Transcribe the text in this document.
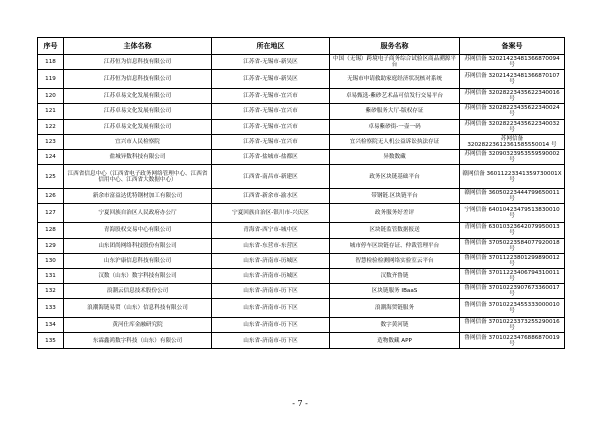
序号	主体名称	所在地区	服务名称	备案号
118	江苏恒为信息科技有限公司	江苏省-无锡市-新吴区	中国（无锡）跨境电子商务综合试验区商品溯源平台	苏网信备 32021423481366870094 号
119	江苏恒为信息科技有限公司	江苏省-无锡市-新吴区	无锡市申请救助家庭经济状况核对系统	苏网信备 32021423481366870107 号
120	江苏卓易文化发展有限公司	江苏省-无锡市-宜兴市	卓易甄选-紫砂艺术品可信发行交易平台	苏网信备 32028223435622340016 号
121	江苏卓易文化发展有限公司	江苏省-无锡市-宜兴市	紫砂服务大厅-版权存证	苏网信备 32028223435622340024 号
122	江苏卓易文化发展有限公司	江苏省-无锡市-宜兴市	卓易紫砂街-一壶一码	苏网信备 32028223435622340032 号
123	宜兴市人民检察院	江苏省-无锡市-宜兴市	宜兴检察院无人机公益诉讼执法存证	苏网信备 32028223612361585550014 号
124	盐城异数科技有限公司	江苏省-盐城市-盐都区	异数数藏	苏网信备 32090323953559590002 号
125	江西省信息中心（江西省电子政务网络管理中心、江西省信用中心、江西省大数据中心）	江西省-南昌市-新建区	政务区块链基础平台	赣网信备 36011223341359730001X 号
126	新余市富益达优特钢材加工有限公司	江西省-新余市-渝水区	带钢链.区块链平台	赣网信备 36050223444799650011 号
127	宁夏回族自治区人民政府办公厅	宁夏回族自治区-银川市-兴庆区	政务服务好差评	宁网信备 64010423479513830010 号
128	青海股权交易中心有限公司	青海省-西宁市-城中区	区块链监管数据报送	青网信备 63010323642079950013 号
129	山东团尚网络科技股份有限公司	山东省-东营市-东营区	城市停车区块链存证、仲裁管理平台	鲁网信备 37050223584077920018 号
130	山东沪康信息科技有限公司	山东省-济南市-历城区	智慧检验检测网络实验室云平台	鲁网信备 37011223801299890012 号
131	汉数（山东）数字科技有限公司	山东省-济南市-历城区	汉数齐鲁链	鲁网信备 37011223406794310011 号
132	浪潮云信息技术股份公司	山东省-济南市-历下区	区块链服务 IBaaS	鲁网信备 37010223907673360017 号
133	浪潮海链易贸（山东）信息科技有限公司	山东省-济南市-历下区	浪潮海贸链服务	鲁网信备 37010223455333000010 号
134	黄河仕库金融研究院	山东省-济南市-历下区	数字黄河链	鲁网信备 37010223373255290016 号
135	东霖鑫鸿数字科技（山东）有限公司	山东省-济南市-历下区	造物数藏 APP	鲁网信备 37010223476886870019 号
- 7 -
